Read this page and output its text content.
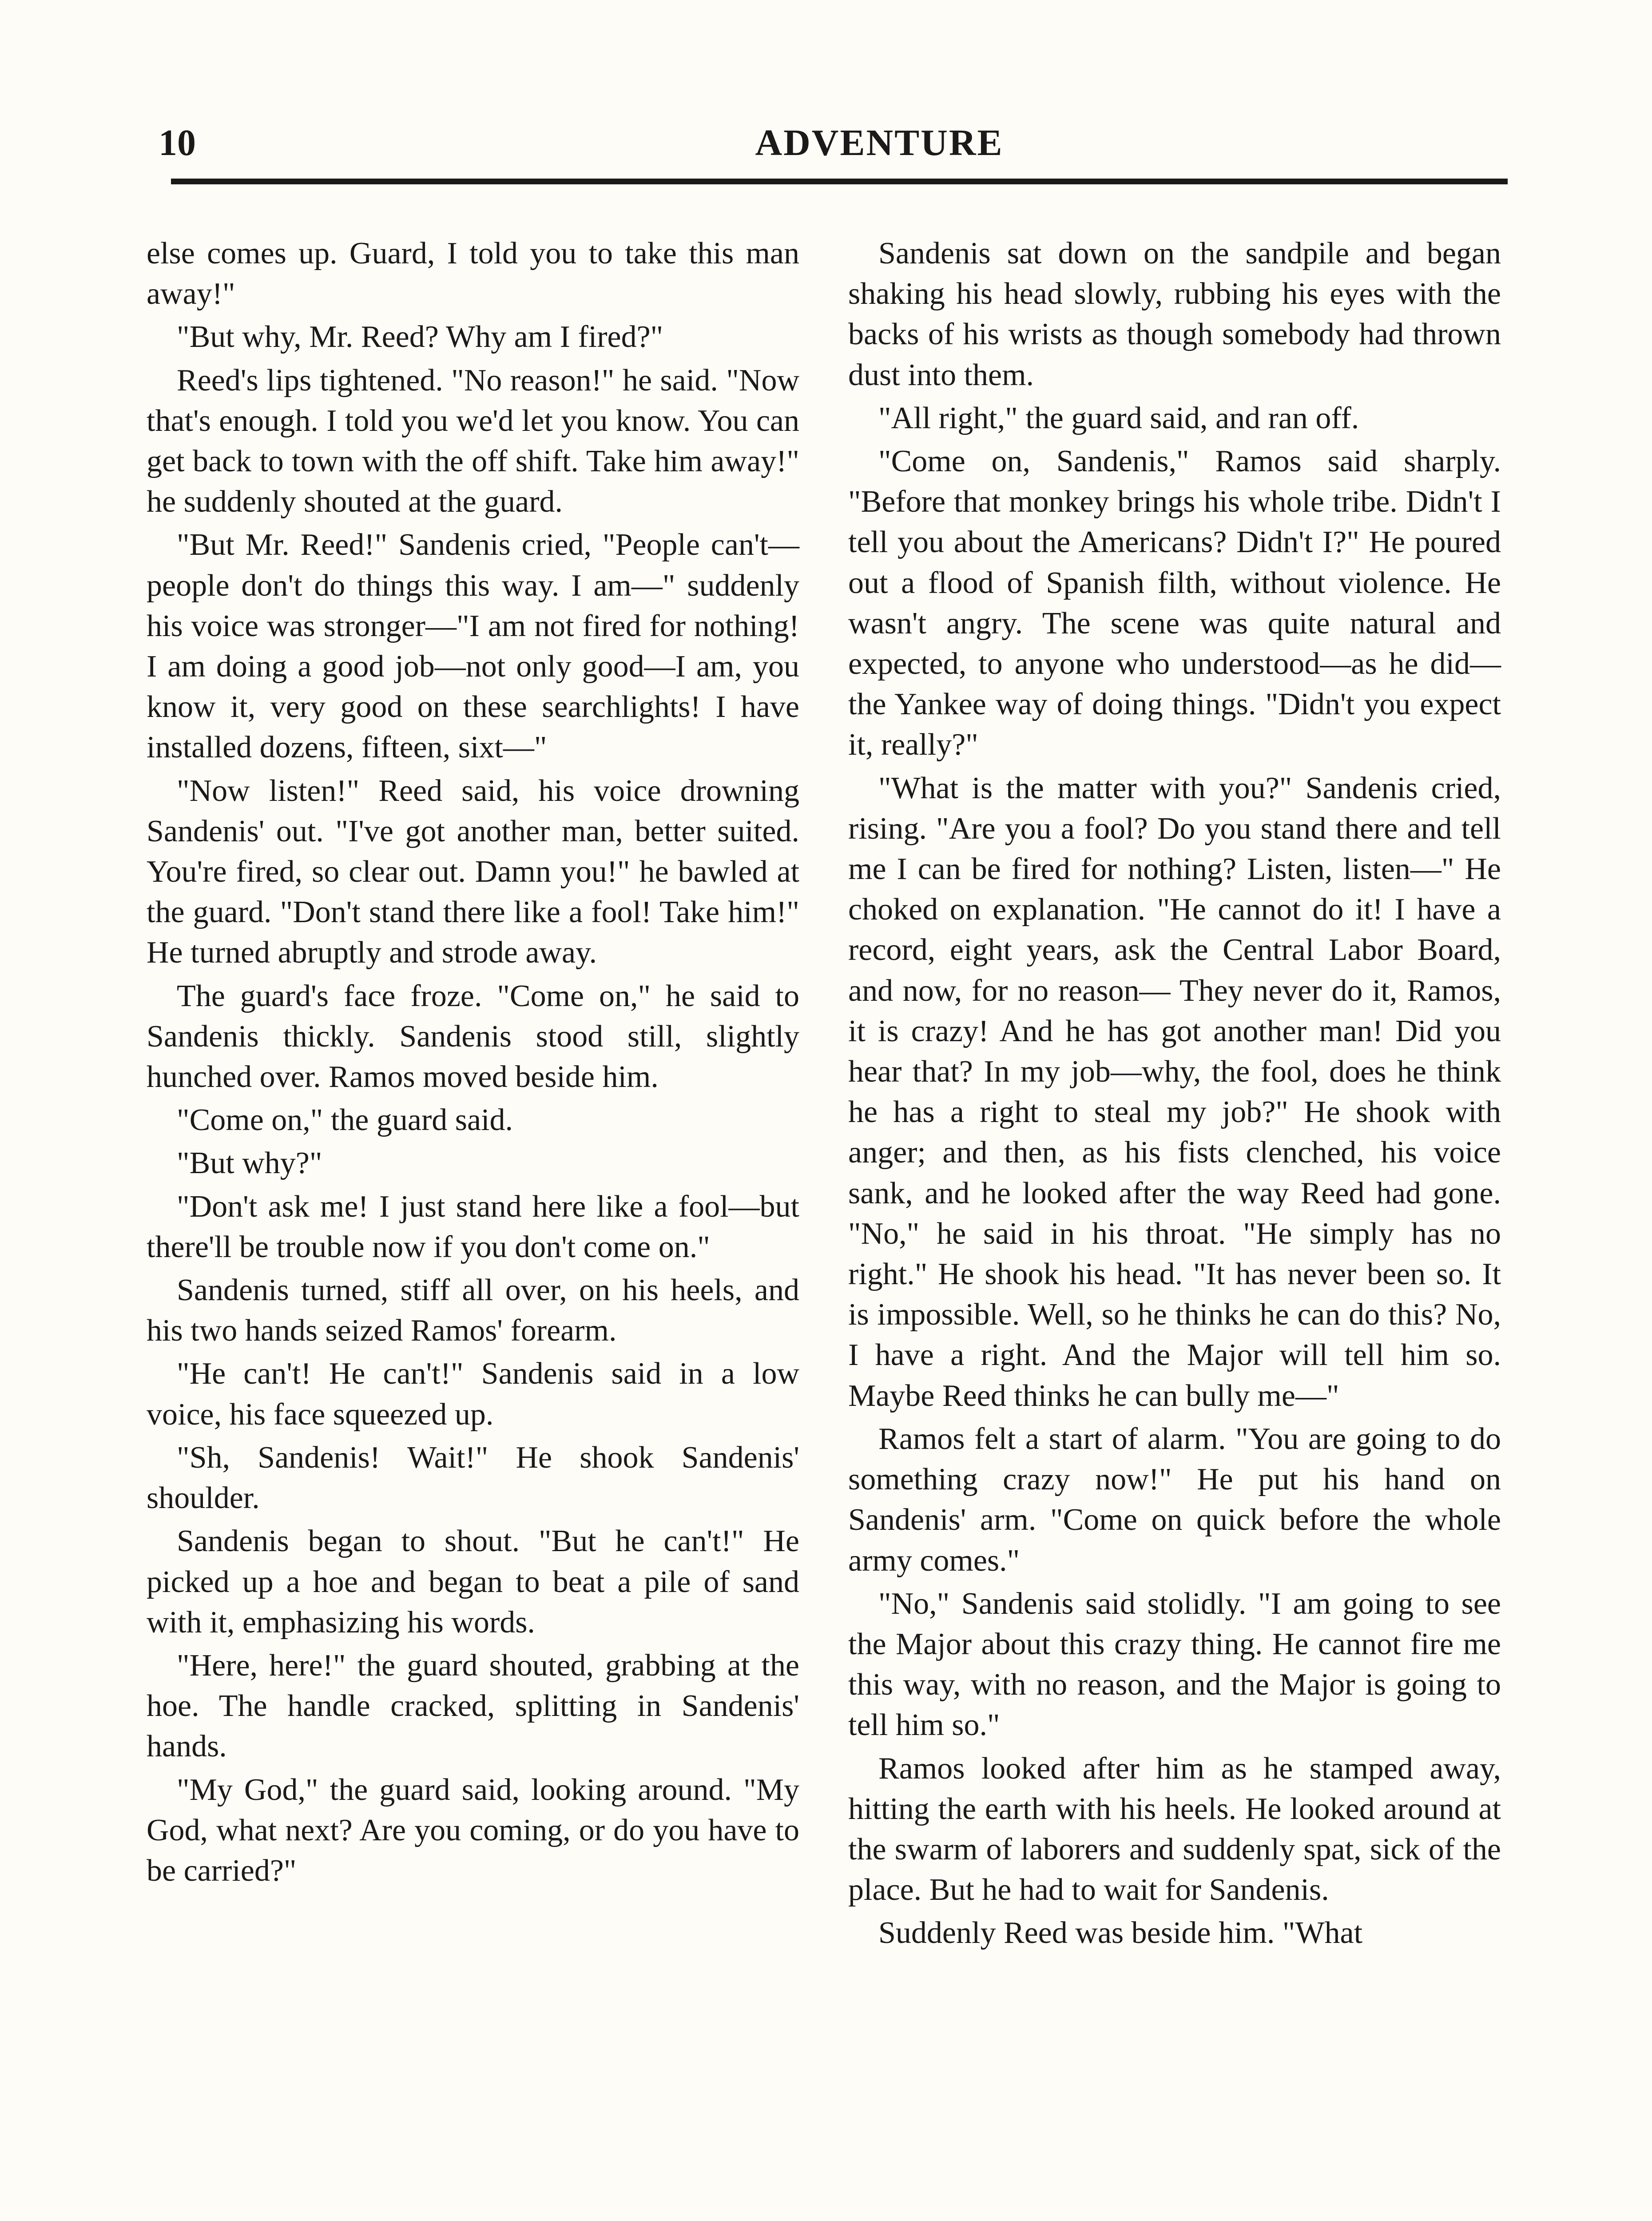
10	ADVENTURE

else comes up. Guard, I told you to take this man away!"

"But why, Mr. Reed? Why am I fired?"

Reed's lips tightened. "No reason!" he said. "Now that's enough. I told you we'd let you know. You can get back to town with the off shift. Take him away!" he suddenly shouted at the guard.

"But Mr. Reed!" Sandenis cried, "People can't—people don't do things this way. I am—" suddenly his voice was stronger—"I am not fired for nothing! I am doing a good job—not only good—I am, you know it, very good on these searchlights! I have installed dozens, fifteen, sixt—"

"Now listen!" Reed said, his voice drowning Sandenis' out. "I've got another man, better suited. You're fired, so clear out. Damn you!" he bawled at the guard. "Don't stand there like a fool! Take him!" He turned abruptly and strode away.

The guard's face froze. "Come on," he said to Sandenis thickly. Sandenis stood still, slightly hunched over. Ramos moved beside him.

"Come on," the guard said.

"But why?"

"Don't ask me! I just stand here like a fool—but there'll be trouble now if you don't come on."

Sandenis turned, stiff all over, on his heels, and his two hands seized Ramos' forearm.

"He can't! He can't!" Sandenis said in a low voice, his face squeezed up.

"Sh, Sandenis! Wait!" He shook Sandenis' shoulder.

Sandenis began to shout. "But he can't!" He picked up a hoe and began to beat a pile of sand with it, emphasizing his words.

"Here, here!" the guard shouted, grabbing at the hoe. The handle cracked, splitting in Sandenis' hands.

"My God," the guard said, looking around. "My God, what next? Are you coming, or do you have to be carried?"

Sandenis sat down on the sandpile and began shaking his head slowly, rubbing his eyes with the backs of his wrists as though somebody had thrown dust into them.

"All right," the guard said, and ran off.

"Come on, Sandenis," Ramos said sharply. "Before that monkey brings his whole tribe. Didn't I tell you about the Americans? Didn't I?" He poured out a flood of Spanish filth, without violence. He wasn't angry. The scene was quite natural and expected, to anyone who understood—as he did—the Yankee way of doing things. "Didn't you expect it, really?"

"What is the matter with you?" Sandenis cried, rising. "Are you a fool? Do you stand there and tell me I can be fired for nothing? Listen, listen—" He choked on explanation. "He cannot do it! I have a record, eight years, ask the Central Labor Board, and now, for no reason— They never do it, Ramos, it is crazy! And he has got another man! Did you hear that? In my job—why, the fool, does he think he has a right to steal my job?" He shook with anger; and then, as his fists clenched, his voice sank, and he looked after the way Reed had gone. "No," he said in his throat. "He simply has no right." He shook his head. "It has never been so. It is impossible. Well, so he thinks he can do this? No, I have a right. And the Major will tell him so. Maybe Reed thinks he can bully me—"

Ramos felt a start of alarm. "You are going to do something crazy now!" He put his hand on Sandenis' arm. "Come on quick before the whole army comes."

"No," Sandenis said stolidly. "I am going to see the Major about this crazy thing. He cannot fire me this way, with no reason, and the Major is going to tell him so."

Ramos looked after him as he stamped away, hitting the earth with his heels. He looked around at the swarm of laborers and suddenly spat, sick of the place. But he had to wait for Sandenis.

Suddenly Reed was beside him. "What
